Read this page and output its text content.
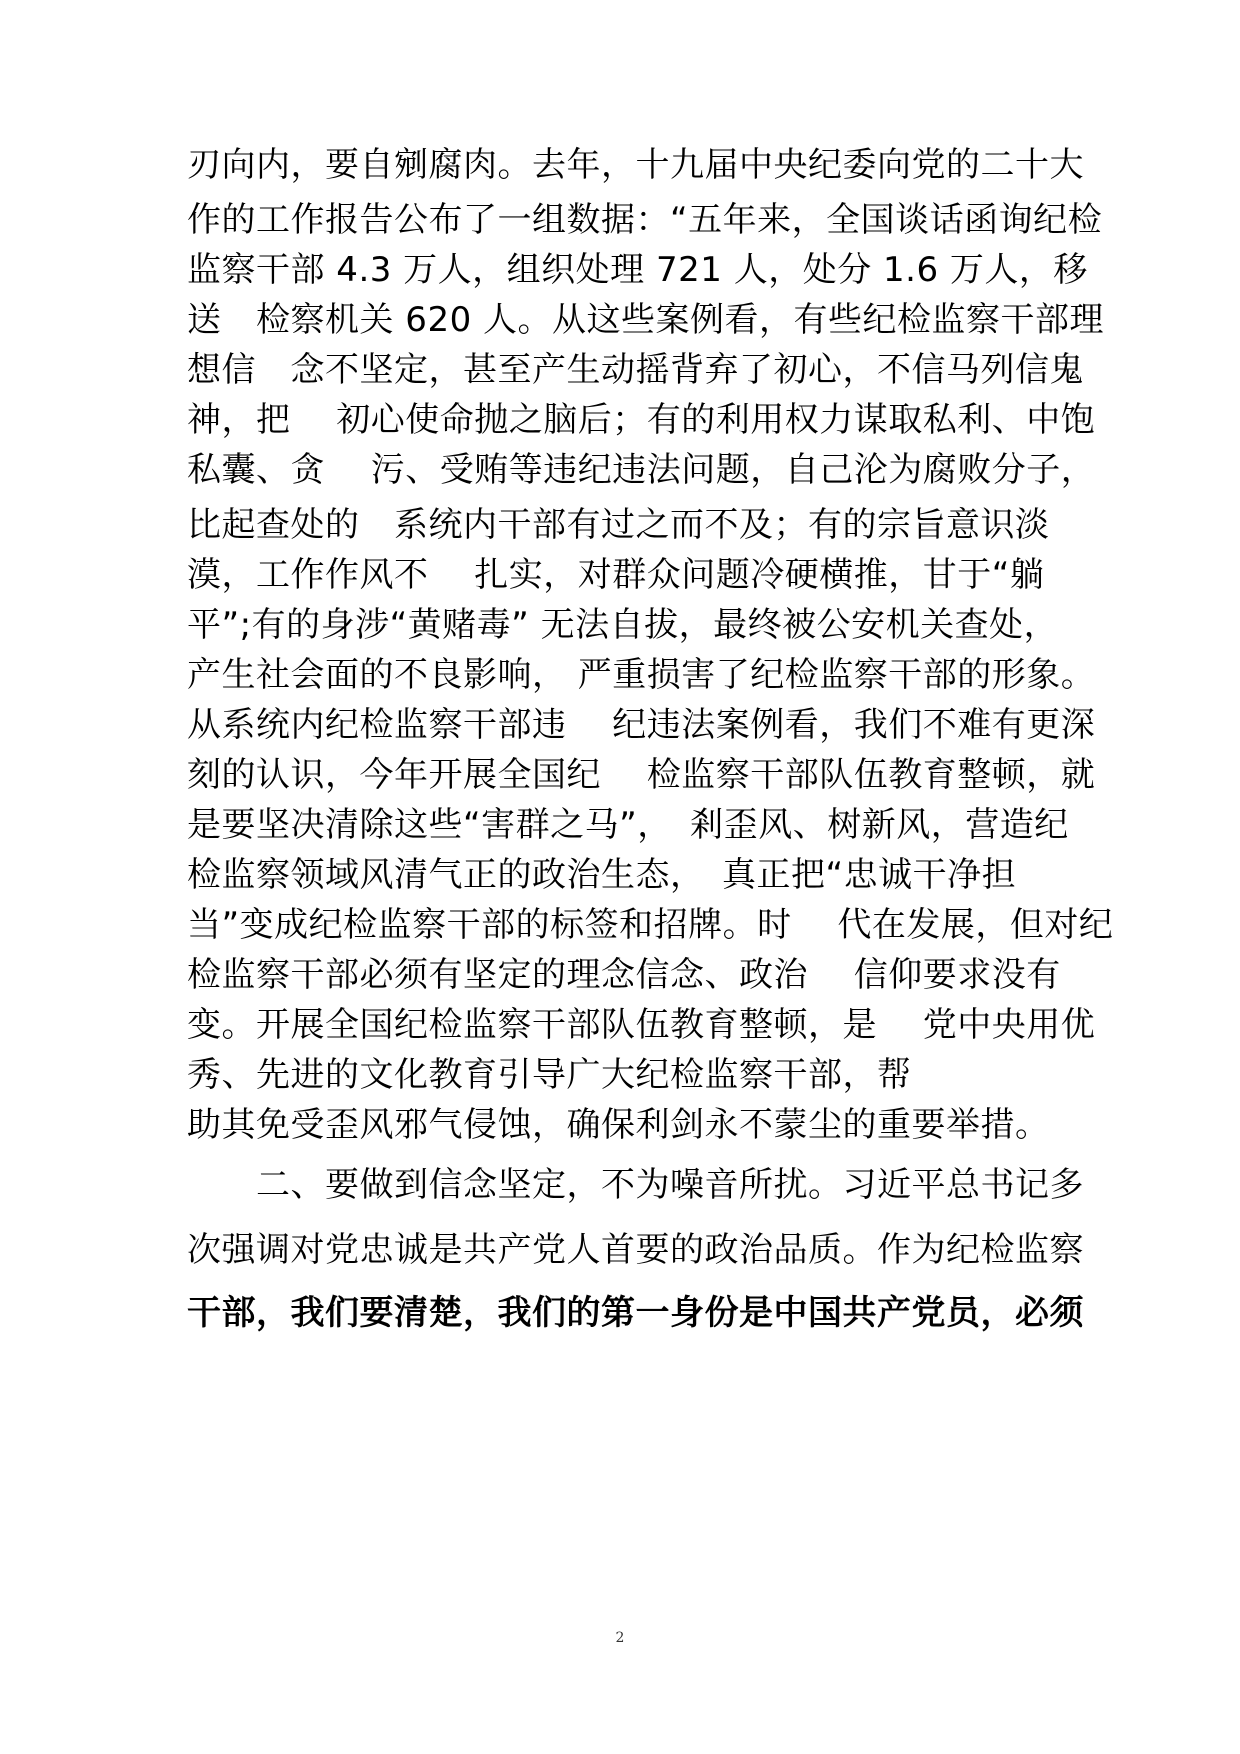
刃向内，要自剜腐肉。去年，十九届中央纪委向党的二十大
作的工作报告公布了一组数据：“五年来，全国谈话函询纪检
监察干部 4.3 万人，组织处理 721 人，处分 1.6 万人，移
送　检察机关 620 人。从这些案例看，有些纪检监察干部理
想信　念不坚定，甚至产生动摇背弃了初心，不信马列信鬼
神，把　 初心使命抛之脑后；有的利用权力谋取私利、中饱
私囊、贪　 污、受贿等违纪违法问题，自己沦为腐败分子，
比起查处的　系统内干部有过之而不及；有的宗旨意识淡
漠，工作作风不　 扎实，对群众问题冷硬横推，甘于“躺
平”;有的身涉“黄赌毒” 无法自拔，最终被公安机关查处，
产生社会面的不良影响， 严重损害了纪检监察干部的形象。
从系统内纪检监察干部违　 纪违法案例看，我们不难有更深
刻的认识，今年开展全国纪　 检监察干部队伍教育整顿，就
是要坚决清除这些“害群之马”，　剎歪风、树新风，营造纪
检监察领域风清气正的政治生态，　真正把“忠诚干净担
当”变成纪检监察干部的标签和招牌。时　 代在发展，但对纪
检监察干部必须有坚定的理念信念、政治　 信仰要求没有
变。开展全国纪检监察干部队伍教育整顿，是　 党中央用优
秀、先进的文化教育引导广大纪检监察干部，帮
助其免受歪风邪气侵蚀，确保利剑永不蒙尘的重要举措。
　　二、要做到信念坚定，不为噪音所扰。习近平总书记多
次强调对党忠诚是共产党人首要的政治品质。作为纪检监察
干部，我们要清楚，我们的第一身份是中国共产党员，必须
2
